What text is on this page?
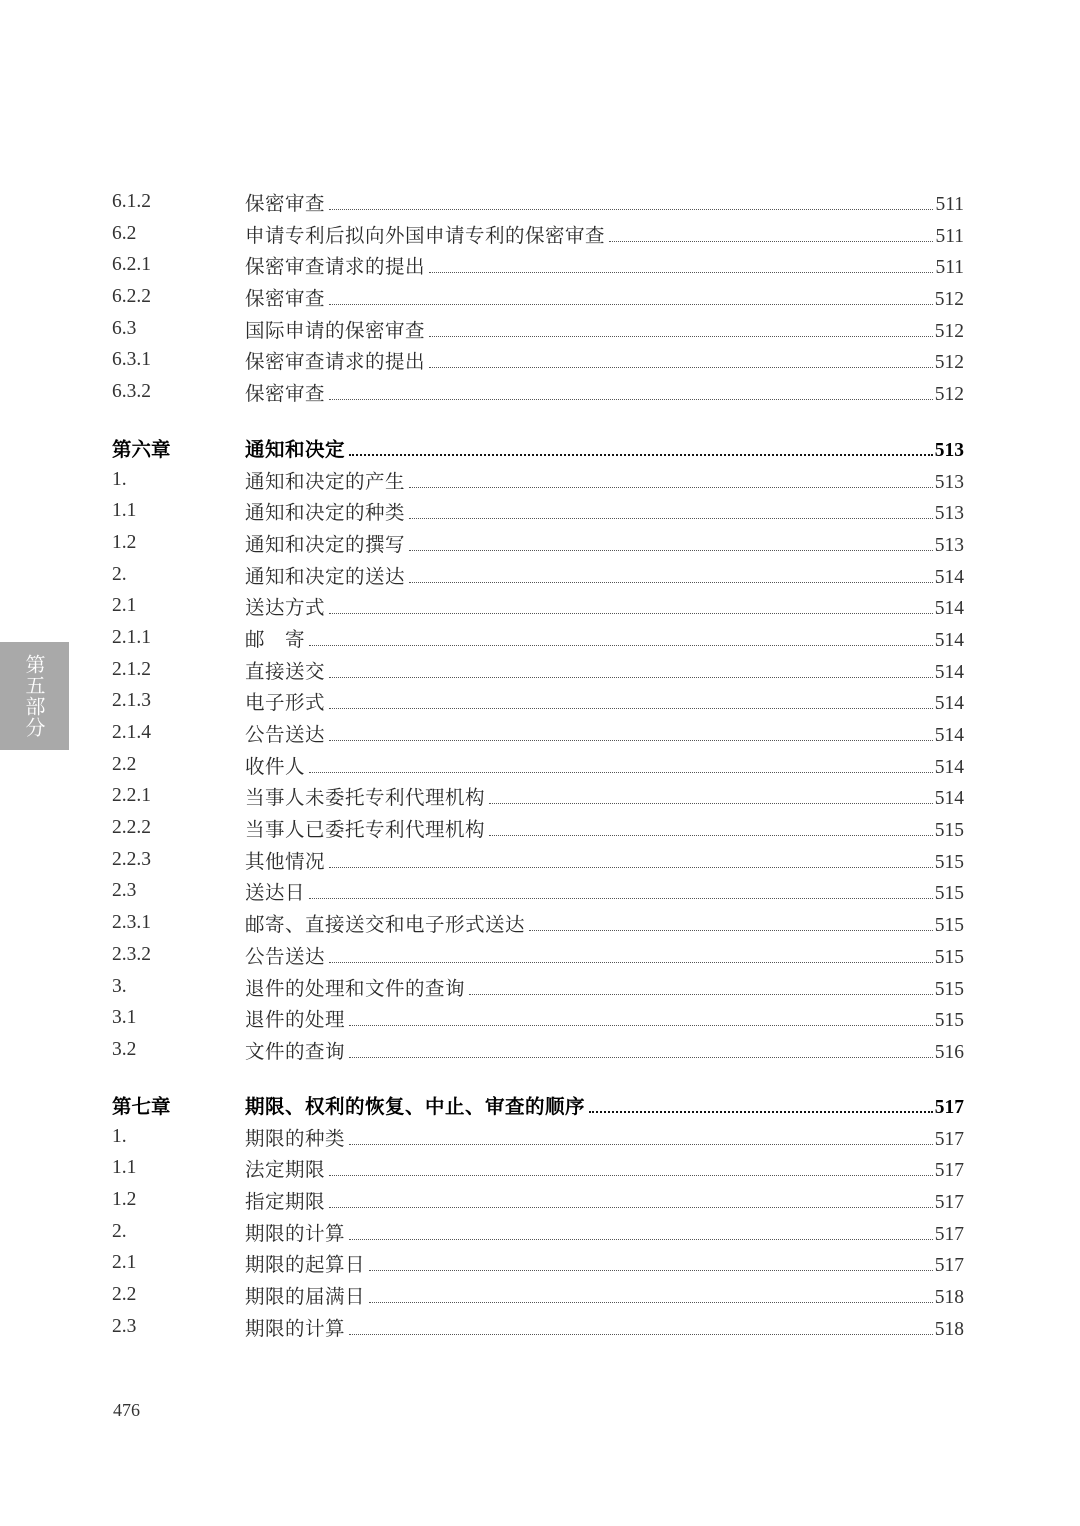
6.1.2	保密审查	511
6.2	申请专利后拟向外国申请专利的保密审查	511
6.2.1	保密审查请求的提出	511
6.2.2	保密审查	512
6.3	国际申请的保密审查	512
6.3.1	保密审查请求的提出	512
6.3.2	保密审查	512
第六章	通知和决定	513
1.	通知和决定的产生	513
1.1	通知和决定的种类	513
1.2	通知和决定的撰写	513
2.	通知和决定的送达	514
2.1	送达方式	514
2.1.1	邮　寄	514
2.1.2	直接送交	514
2.1.3	电子形式	514
2.1.4	公告送达	514
2.2	收件人	514
2.2.1	当事人未委托专利代理机构	514
2.2.2	当事人已委托专利代理机构	515
2.2.3	其他情况	515
2.3	送达日	515
2.3.1	邮寄、直接送交和电子形式送达	515
2.3.2	公告送达	515
3.	退件的处理和文件的查询	515
3.1	退件的处理	515
3.2	文件的查询	516
第七章	期限、权利的恢复、中止、审查的顺序	517
1.	期限的种类	517
1.1	法定期限	517
1.2	指定期限	517
2.	期限的计算	517
2.1	期限的起算日	517
2.2	期限的届满日	518
2.3	期限的计算	518
第五部分
476
